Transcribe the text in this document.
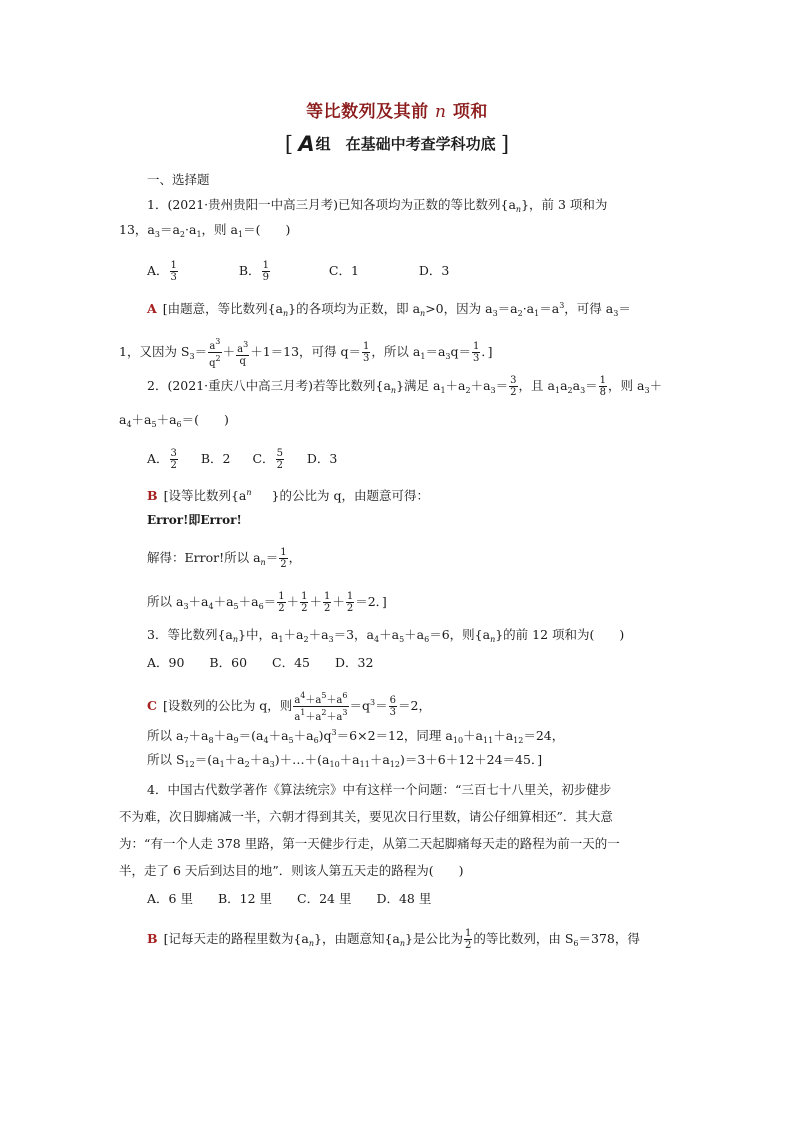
等比数列及其前 n 项和
[ A组　在基础中考查学科功底 ]
一、选择题
1．(2021·贵州贵阳一中高三月考)已知各项均为正数的等比数列$\{a_n\}$，前 3 项和为
13，$a_3=a_2\cdot a_1$，则 $a_1=$(　　)
A． $\frac{1}{3}$	B． $\frac{1}{9}$	C．1	D．3
A [由题意，等比数列$\{a_n\}$的各项均为正数，即 $a_n>0$，因为 $a_3=a_2\cdot a_1=a^3$，可得 $a_3=$
1，又因为 $S_3= \frac{a^3}{q^2} + \frac{a^3}{q} +1=13$，可得 $q= \frac{1}{3}$ ，所以 $a_1=a_3q= \frac{1}{3}$ ．]
2．(2021·重庆八中高三月考)若等比数列$\{a_n\}$满足 $a_1+a_2+a_3= \frac{3}{2}$ ，且 $a_1a_2a_3= \frac{1}{8}$ ，则 $a_3+$
$a_4+a_5+a_6=$(　　)
A． $\frac{3}{2}$ B．2 C． $\frac{5}{2}$ D．3
B [设等比数列{$a^n$ }的公比为 q，由题意可得：
Error!即Error!
解得：Error!所以 $a_n= \frac{1}{2}$ ，
所以 $a_3+a_4+a_5+a_6= \frac{1}{2} + \frac{1}{2} + \frac{1}{2} + \frac{1}{2} =2$．]
3．等比数列$\{a_n\}$中，$a_1+a_2+a_3=3$，$a_4+a_5+a_6=6$，则$\{a_n\}$的前 12 项和为(　　)
A．90　　B．60　　C．45　　D．32
C [设数列的公比为 q，则 $\frac{a^4+a^5+a^6}{a^1+a^2+a^3} =q^3= \frac{6}{3} =2$，
所以 $a_7+a_8+a_9=(a_4+a_5+a_6)q^3=6\times 2=12$，同理 $a_{10}+a_{11}+a_{12}=24$，
所以 $S_{12}=(a_1+a_2+a_3)+\dots+(a_{10}+a_{11}+a_{12})=3+6+12+24=45$．]
4．中国古代数学著作《算法统宗》中有这样一个问题：“三百七十八里关，初步健步
不为难，次日脚痛减一半，六朝才得到其关，要见次日行里数，请公仔细算相还”．其大意
为：“有一个人走 378 里路，第一天健步行走，从第二天起脚痛每天走的路程为前一天的一
半，走了 6 天后到达目的地”．则该人第五天走的路程为(　　)
A．6 里　　B．12 里　　C．24 里　　D．48 里
B [记每天走的路程里数为$\{a_n\}$，由题意知$\{a_n\}$是公比为 $\frac{1}{2}$ 的等比数列，由 $S_6=378$，得
